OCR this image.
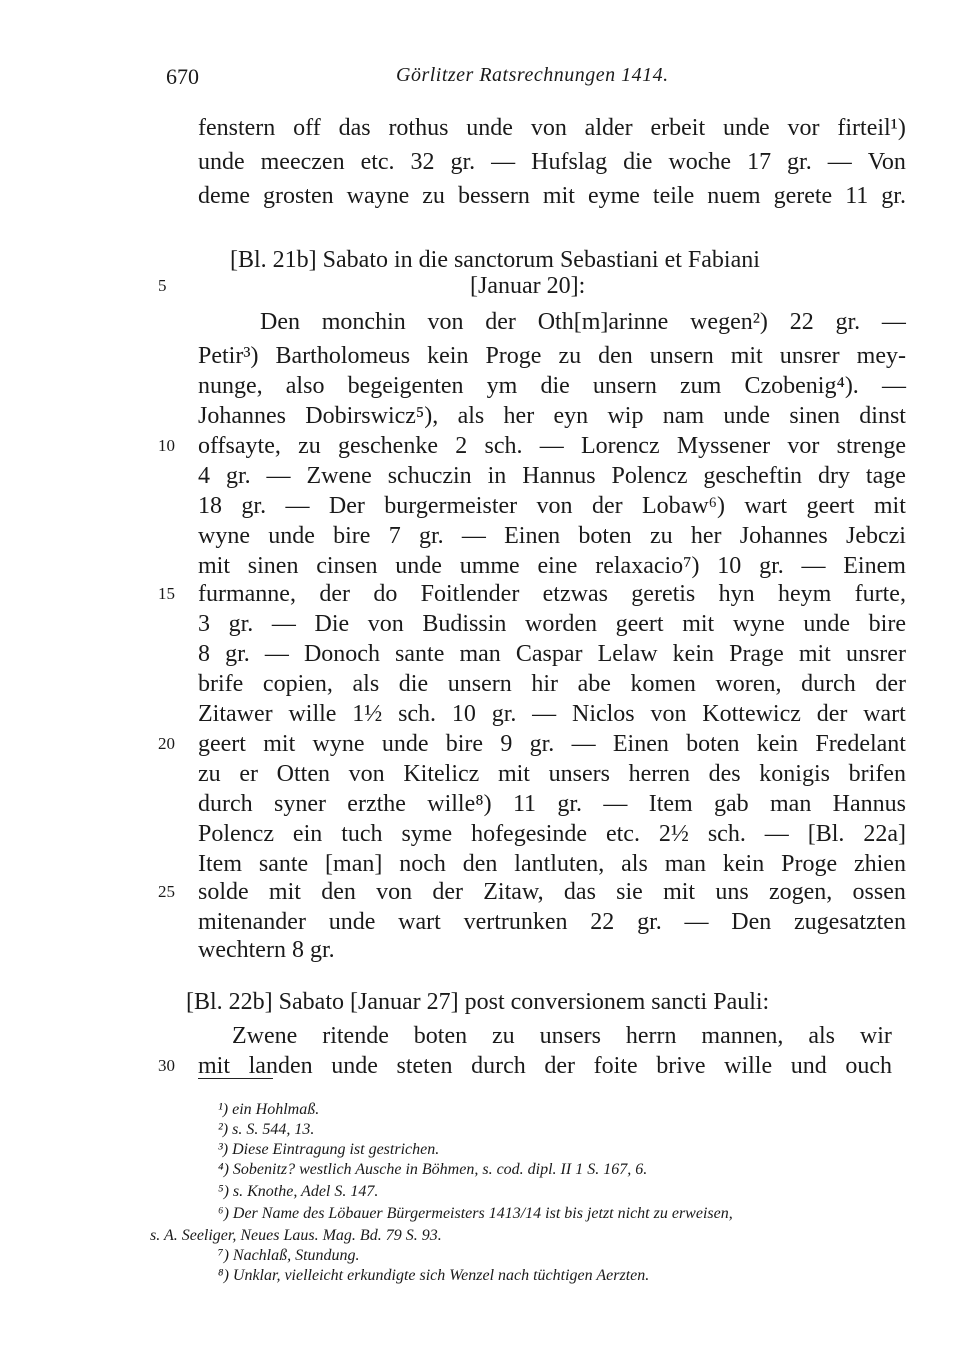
670	Görlitzer Ratsrechnungen 1414.
fenstern off das rothus unde von alder erbeit unde vor firteil¹)
unde meeczen etc. 32 gr. — Hufslag die woche 17 gr. — Von
deme grosten wayne zu bessern mit eyme teile nuem gerete 11 gr.
[Bl. 21b] Sabato in die sanctorum Sebastiani et Fabiani
[Januar 20]:
5
Den monchin von der Oth[m]arinne wegen²) 22 gr. —
Petir³) Bartholomeus kein Proge zu den unsern mit unsrer mey-
nunge, also begeigenten ym die unsern zum Czobenig⁴). —
Johannes Dobirswicz⁵), als her eyn wip nam unde sinen dinst
10 offsayte, zu geschenke 2 sch. — Lorencz Myssener vor strenge
4 gr. — Zwene schuczin in Hannus Polencz gescheftin dry tage
18 gr. — Der burgermeister von der Lobaw⁶) wart geert mit
wyne unde bire 7 gr. — Einen boten zu her Johannes Jebczi
mit sinen cinsen unde umme eine relaxacio⁷) 10 gr. — Einem
15 furmanne, der do Foitlender etzwas geretis hyn heym furte,
3 gr. — Die von Budissin worden geert mit wyne unde bire
8 gr. — Donoch sante man Caspar Lelaw kein Prage mit unsrer
brife copien, als die unsern hir abe komen woren, durch der
Zitawer wille 1½ sch. 10 gr. — Niclos von Kottewicz der wart
20 geert mit wyne unde bire 9 gr. — Einen boten kein Fredelant
zu er Otten von Kitelicz mit unsers herren des konigis brifen
durch syner erzthe wille⁸) 11 gr. — Item gab man Hannus
Polencz ein tuch syme hofegesinde etc. 2½ sch. — [Bl. 22a]
Item sante [man] noch den lantluten, als man kein Proge zhien
25 solde mit den von der Zitaw, das sie mit uns zogen, ossen
mitenander unde wart vertrunken 22 gr. — Den zugesatzten
wechtern 8 gr.
[Bl. 22b] Sabato [Januar 27] post conversionem sancti Pauli:
Zwene ritende boten zu unsers herrn mannen, als wir
30 mit landen unde steten durch der foite brive wille und ouch
¹) ein Hohlmaß.
²) s. S. 544, 13.
³) Diese Eintragung ist gestrichen.
⁴) Sobenitz? westlich Ausche in Böhmen, s. cod. dipl. II 1 S. 167, 6.
⁵) s. Knothe, Adel S. 147.
⁶) Der Name des Löbauer Bürgermeisters 1413/14 ist bis jetzt nicht zu erweisen,
s. A. Seeliger, Neues Laus. Mag. Bd. 79 S. 93.
⁷) Nachlaß, Stundung.
⁸) Unklar, vielleicht erkundigte sich Wenzel nach tüchtigen Aerzten.
